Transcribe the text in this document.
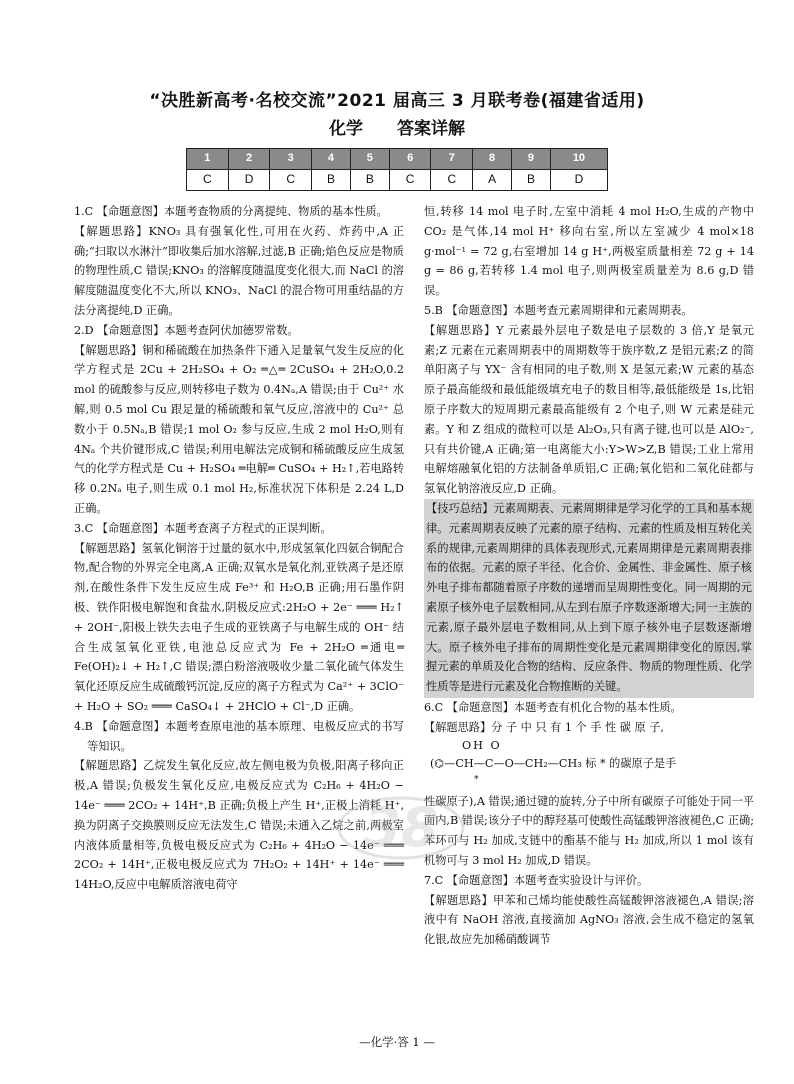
“决胜新高考·名校交流”2021 届高三 3 月联考卷(福建省适用)
化学 答案详解
1	2	3	4	5	6	7	8	9	10
C	D	C	B	B	C	C	A	B	D

1.C 【命题意图】本题考查物质的分离提纯、物质的基本性质。

【解题思路】KNO₃ 具有强氧化性,可用在火药、炸药中,A 正确;“扫取以水淋汁”即收集后加水溶解,过滤,B 正确;焰色反应是物质的物理性质,C 错误;KNO₃ 的溶解度随温度变化很大,而 NaCl 的溶解度随温度变化不大,所以 KNO₃、NaCl 的混合物可用重结晶的方法分离提纯,D 正确。

2.D 【命题意图】本题考查阿伏加德罗常数。

【解题思路】铜和稀硫酸在加热条件下通入足量氧气发生反应的化学方程式是 2Cu + 2H₂SO₄ + O₂ ═△═ 2CuSO₄ + 2H₂O,0.2 mol 的硫酸参与反应,则转移电子数为 0.4Nₐ,A 错误;由于 Cu²⁺ 水解,则 0.5 mol Cu 跟足量的稀硫酸和氧气反应,溶液中的 Cu²⁺ 总数小于 0.5Nₐ,B 错误;1 mol O₂ 参与反应,生成 2 mol H₂O,则有 4Nₐ 个共价键形成,C 错误;利用电解法完成铜和稀硫酸反应生成氢气的化学方程式是 Cu + H₂SO₄ ═电解═ CuSO₄ + H₂↑,若电路转移 0.2Nₐ 电子,则生成 0.1 mol H₂,标准状况下体积是 2.24 L,D 正确。

3.C 【命题意图】本题考查离子方程式的正误判断。

【解题思路】氢氧化铜溶于过量的氨水中,形成氢氧化四氨合铜配合物,配合物的外界完全电离,A 正确;双氧水是氧化剂,亚铁离子是还原剂,在酸性条件下发生反应生成 Fe³⁺ 和 H₂O,B 正确;用石墨作阴极、铁作阳极电解饱和食盐水,阴极反应式:2H₂O + 2e⁻ ═══ H₂↑ + 2OH⁻,阳极上铁失去电子生成的亚铁离子与电解生成的 OH⁻ 结合生成氢氧化亚铁,电池总反应式为 Fe + 2H₂O ═通电═ Fe(OH)₂↓ + H₂↑,C 错误;漂白粉溶液吸收少量二氧化硫气体发生氧化还原反应生成硫酸钙沉淀,反应的离子方程式为 Ca²⁺ + 3ClO⁻ + H₂O + SO₂ ═══ CaSO₄↓ + 2HClO + Cl⁻,D 正确。

4.B 【命题意图】本题考查原电池的基本原理、电极反应式的书写等知识。

【解题思路】乙烷发生氧化反应,故左侧电极为负极,阳离子移向正极,A 错误;负极发生氧化反应,电极反应式为 C₂H₆ + 4H₂O − 14e⁻ ═══ 2CO₂ + 14H⁺,B 正确;负极上产生 H⁺,正极上消耗 H⁺,换为阴离子交换膜则反应无法发生,C 错误;未通入乙烷之前,两极室内液体质量相等,负极电极反应式为 C₂H₆ + 4H₂O − 14e⁻ ═══ 2CO₂ + 14H⁺,正极电极反应式为 7H₂O₂ + 14H⁺ + 14e⁻ ═══ 14H₂O,反应中电解质溶液电荷守

恒,转移 14 mol 电子时,左室中消耗 4 mol H₂O,生成的产物中 CO₂ 是气体,14 mol H⁺ 移向右室,所以左室减少 4 mol×18 g·mol⁻¹ = 72 g,右室增加 14 g H⁺,两极室质量相差 72 g + 14 g = 86 g,若转移 1.4 mol 电子,则两极室质量差为 8.6 g,D 错误。

5.B 【命题意图】本题考查元素周期律和元素周期表。

【解题思路】Y 元素最外层电子数是电子层数的 3 倍,Y 是氧元素;Z 元素在元素周期表中的周期数等于族序数,Z 是铝元素;Z 的简单阳离子与 YX⁻ 含有相同的电子数,则 X 是氢元素;W 元素的基态原子最高能级和最低能级填充电子的数目相等,最低能级是 1s,比铝原子序数大的短周期元素最高能级有 2 个电子,则 W 元素是硅元素。Y 和 Z 组成的微粒可以是 Al₂O₃,只有离子键,也可以是 AlO₂⁻,只有共价键,A 正确;第一电离能大小:Y>W>Z,B 错误;工业上常用电解熔融氧化铝的方法制备单质铝,C 正确;氧化铝和二氧化硅都与氢氧化钠溶液反应,D 正确。

【技巧总结】元素周期表、元素周期律是学习化学的工具和基本规律。元素周期表反映了元素的原子结构、元素的性质及相互转化关系的规律,元素周期律的具体表现形式,元素周期律是元素周期表排布的依据。元素的原子半径、化合价、金属性、非金属性、原子核外电子排布都随着原子序数的递增而呈周期性变化。同一周期的元素原子核外电子层数相同,从左到右原子序数逐渐增大;同一主族的元素,原子最外层电子数相同,从上到下原子核外电子层数逐渐增大。原子核外电子排布的周期性变化是元素周期律变化的原因,掌握元素的单质及化合物的结构、反应条件、物质的物理性质、化学性质等是进行元素及化合物推断的关键。

6.C 【命题意图】本题考查有机化合物的基本性质。

【解题思路】分 子 中 只 有 1 个 手 性 碳 原 子,

OH O
(⌬—CH—C—O—CH₂—CH₃ 标 * 的碳原子是手
*

性碳原子),A 错误;通过键的旋转,分子中所有碳原子可能处于同一平面内,B 错误;该分子中的醇羟基可使酸性高锰酸钾溶液褪色,C 正确;苯环可与 H₂ 加成,支链中的酯基不能与 H₂ 加成,所以 1 mol 该有机物可与 3 mol H₂ 加成,D 错误。

7.C 【命题意图】本题考查实验设计与评价。

【解题思路】甲苯和己烯均能使酸性高锰酸钾溶液褪色,A 错误;溶液中有 NaOH 溶液,直接滴加 AgNO₃ 溶液,会生成不稳定的氢氧化银,故应先加稀硝酸调节

38
—化学·答 1 —
